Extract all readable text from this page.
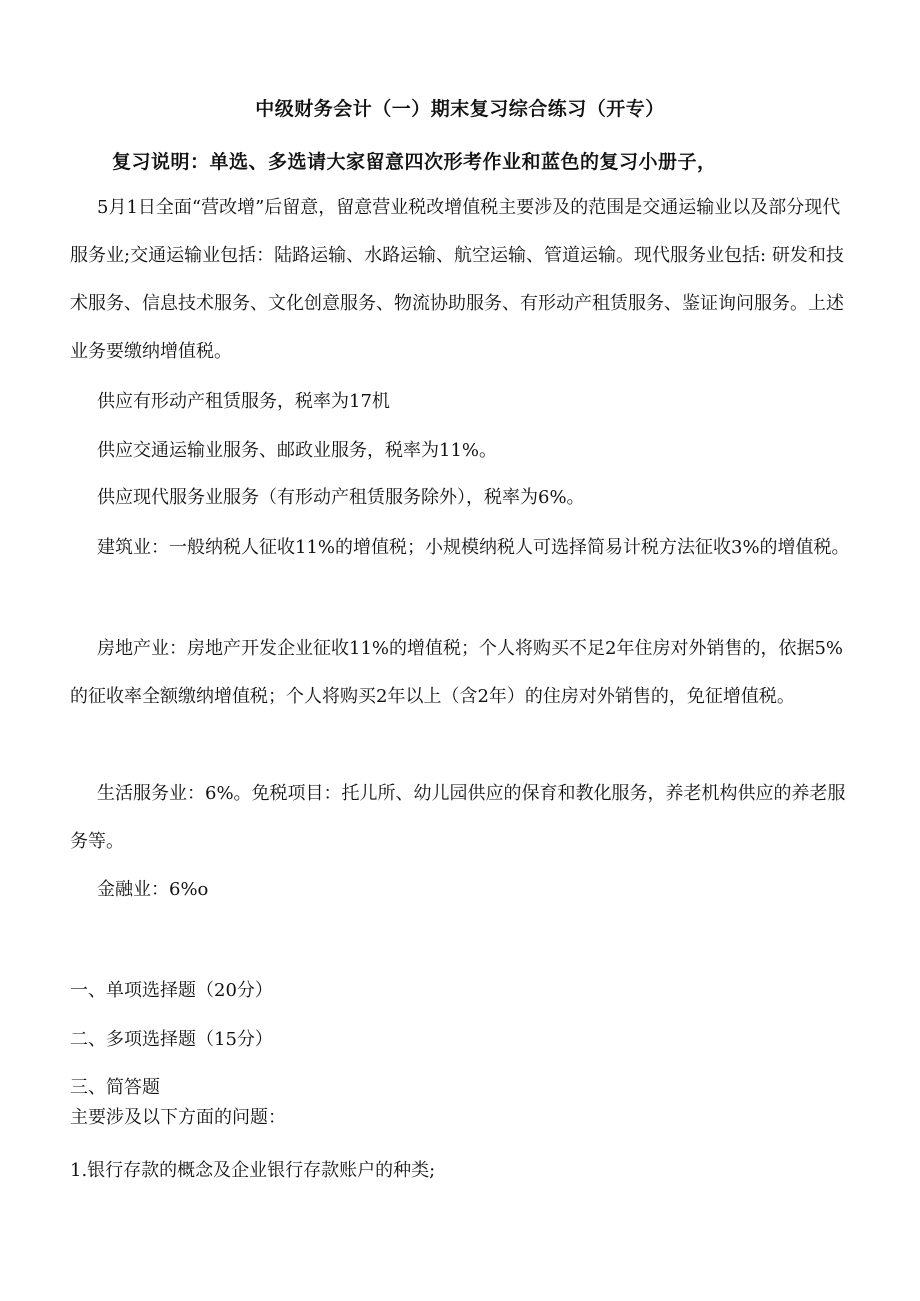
中级财务会计（一）期末复习综合练习（开专）
复习说明：单选、多选请大家留意四次形考作业和蓝色的复习小册子，

5月1日全面“营改增”后留意，留意营业税改增值税主要涉及的范围是交通运输业以及部分现代服务业;交通运输业包括：陆路运输、水路运输、航空运输、管道运输。现代服务业包括: 研发和技术服务、信息技术服务、文化创意服务、物流协助服务、有形动产租赁服务、鉴证询问服务。上述业务要缴纳增值税。

供应有形动产租赁服务，税率为17机

供应交通运输业服务、邮政业服务，税率为11%。

供应现代服务业服务（有形动产租赁服务除外），税率为6%。

建筑业：一般纳税人征收11%的增值税；小规模纳税人可选择简易计税方法征收3%的增值税。

房地产业：房地产开发企业征收11%的增值税；个人将购买不足2年住房对外销售的，依据5%的征收率全额缴纳增值税；个人将购买2年以上（含2年）的住房对外销售的，免征增值税。

生活服务业：6%。免税项目：托儿所、幼儿园供应的保育和教化服务，养老机构供应的养老服务等。

金融业：6%o

一、单项选择题（20分）
二、多项选择题（15分）
三、简答题
主要涉及以下方面的问题：
1.银行存款的概念及企业银行存款账户的种类;
